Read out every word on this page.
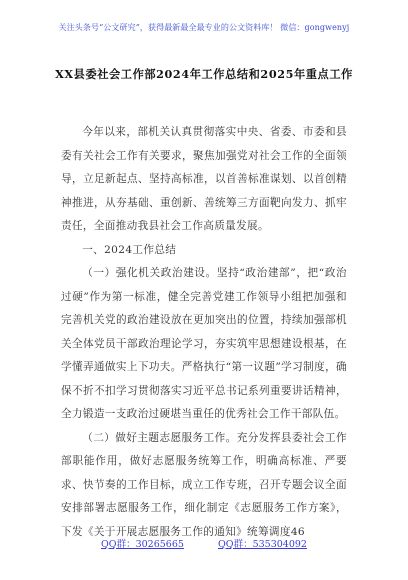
关注头条号“公文研究”，获得最新最全最专业的公文资料库！ 微信：gongwenyj
XX县委社会工作部2024年工作总结和2025年重点工作

今年以来，部机关认真贯彻落实中央、省委、市委和县委有关社会工作有关要求，聚焦加强党对社会工作的全面领导，立足新起点、坚持高标准，以首善标准谋划、以首创精神推进，从夯基础、重创新、善统筹三方面靶向发力、抓牢责任，全面推动我县社会工作高质量发展。

一、2024工作总结

（一）强化机关政治建设。坚持“政治建部”，把“政治过硬”作为第一标准，健全完善党建工作领导小组把加强和完善机关党的政治建设放在更加突出的位置，持续加强部机关全体党员干部政治理论学习，夯实筑牢思想建设根基，在学懂弄通做实上下功夫。严格执行“第一议题”学习制度，确保不折不扣学习贯彻落实习近平总书记系列重要讲话精神，全力锻造一支政治过硬堪当重任的优秀社会工作干部队伍。

（二）做好主题志愿服务工作。充分发挥县委社会工作部职能作用，做好志愿服务统筹工作，明确高标准、严要求、快节奏的工作目标，成立工作专班，召开专题会议全面安排部署志愿服务工作，细化制定《志愿服务工作方案》，下发《关于开展志愿服务工作的通知》统筹调度46

QQ群：30265665	QQ群：535304092
